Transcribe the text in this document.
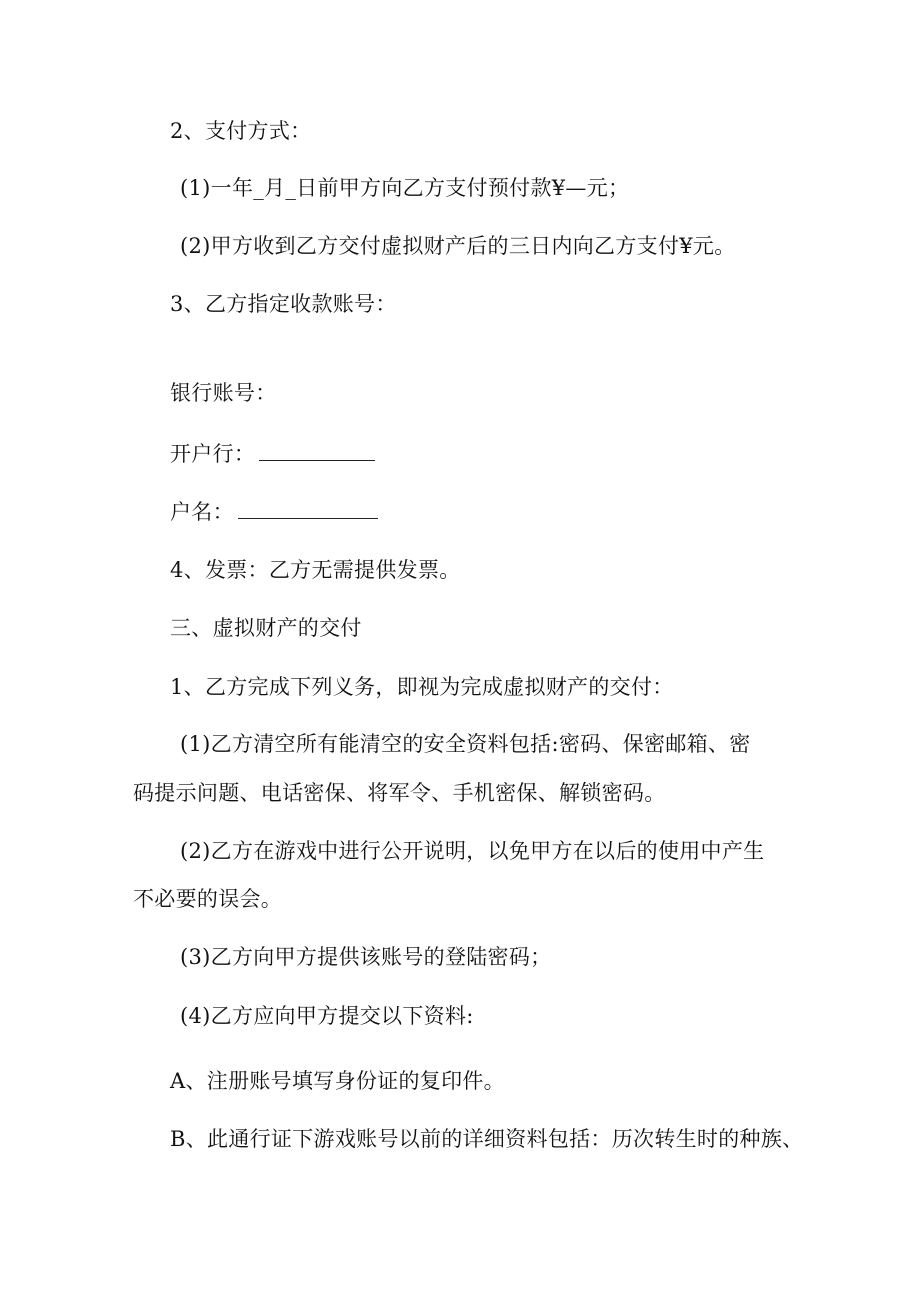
2、支付方式：
(1)一年_月_日前甲方向乙方支付预付款¥—元；
(2)甲方收到乙方交付虚拟财产后的三日内向乙方支付¥元。
3、乙方指定收款账号：
银行账号：
开户行：
户名：
4、发票：乙方无需提供发票。
三、虚拟财产的交付
1、乙方完成下列义务，即视为完成虚拟财产的交付：
(1)乙方清空所有能清空的安全资料包括:密码、保密邮箱、密
码提示问题、电话密保、将军令、手机密保、解锁密码。
(2)乙方在游戏中进行公开说明，以免甲方在以后的使用中产生
不必要的误会。
(3)乙方向甲方提供该账号的登陆密码；
(4)乙方应向甲方提交以下资料:
A、注册账号填写身份证的复印件。
B、此通行证下游戏账号以前的详细资料包括：历次转生时的种族、
